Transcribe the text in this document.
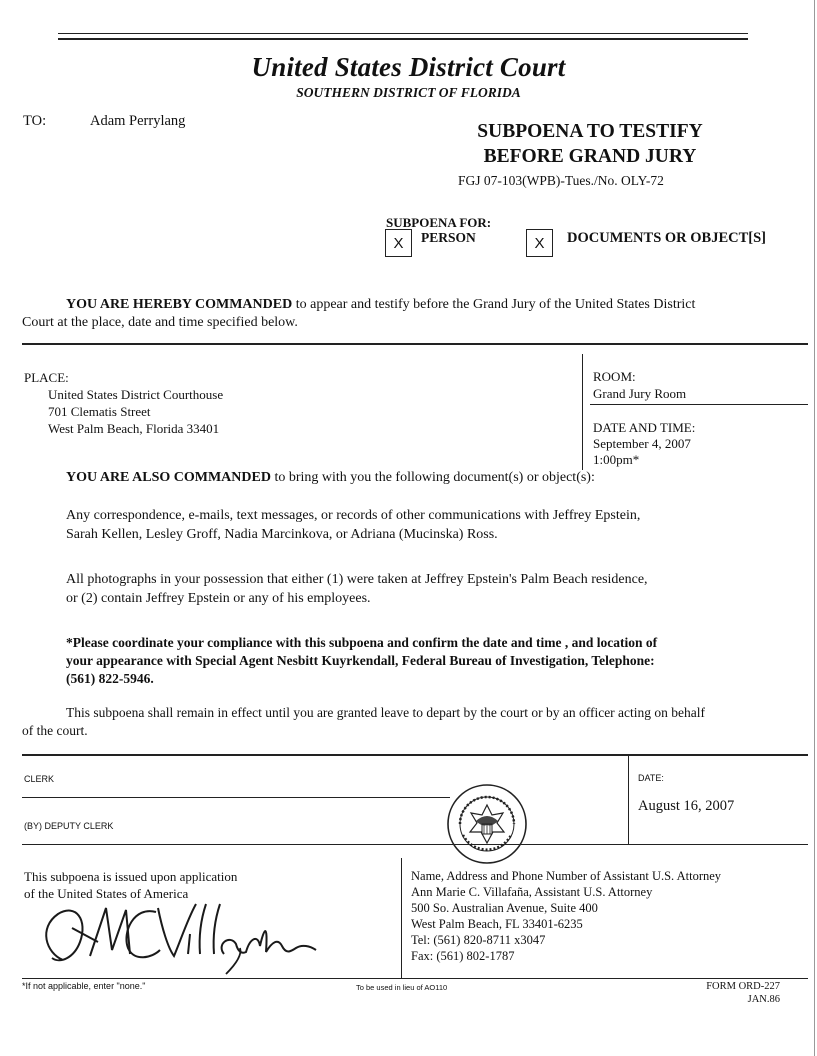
United States District Court
SOUTHERN DISTRICT OF FLORIDA
TO:	Adam Perrylang	SUBPOENA TO TESTIFY
BEFORE GRAND JURY
FGJ 07-103(WPB)-Tues./No. OLY-72
SUBPOENA FOR:
X	PERSON	X	DOCUMENTS OR OBJECT[S]
YOU ARE HEREBY COMMANDED to appear and testify before the Grand Jury of the United States District
Court at the place, date and time specified below.
PLACE:
United States District Courthouse
701 Clematis Street
West Palm Beach, Florida 33401
ROOM:
Grand Jury Room
DATE AND TIME:
September 4, 2007
1:00pm*
YOU ARE ALSO COMMANDED to bring with you the following document(s) or object(s):
Any correspondence, e-mails, text messages, or records of other communications with Jeffrey Epstein,
Sarah Kellen, Lesley Groff, Nadia Marcinkova, or Adriana (Mucinska) Ross.
All photographs in your possession that either (1) were taken at Jeffrey Epstein's Palm Beach residence,
or (2) contain Jeffrey Epstein or any of his employees.
*Please coordinate your compliance with this subpoena and confirm the date and time , and location of
your appearance with Special Agent Nesbitt Kuyrkendall, Federal Bureau of Investigation, Telephone:
(561) 822-5946.
This subpoena shall remain in effect until you are granted leave to depart by the court or by an officer acting on behalf
of the court.
CLERK
(BY) DEPUTY CLERK
DATE:
August 16, 2007
This subpoena is issued upon application
of the United States of America
Name, Address and Phone Number of Assistant U.S. Attorney
Ann Marie C. Villafaña, Assistant U.S. Attorney
500 So. Australian Avenue, Suite 400
West Palm Beach, FL 33401-6235
Tel: (561) 820-8711 x3047
Fax: (561) 802-1787
*If not applicable, enter "none."	To be used in lieu of AO110	FORM ORD-227
JAN.86
